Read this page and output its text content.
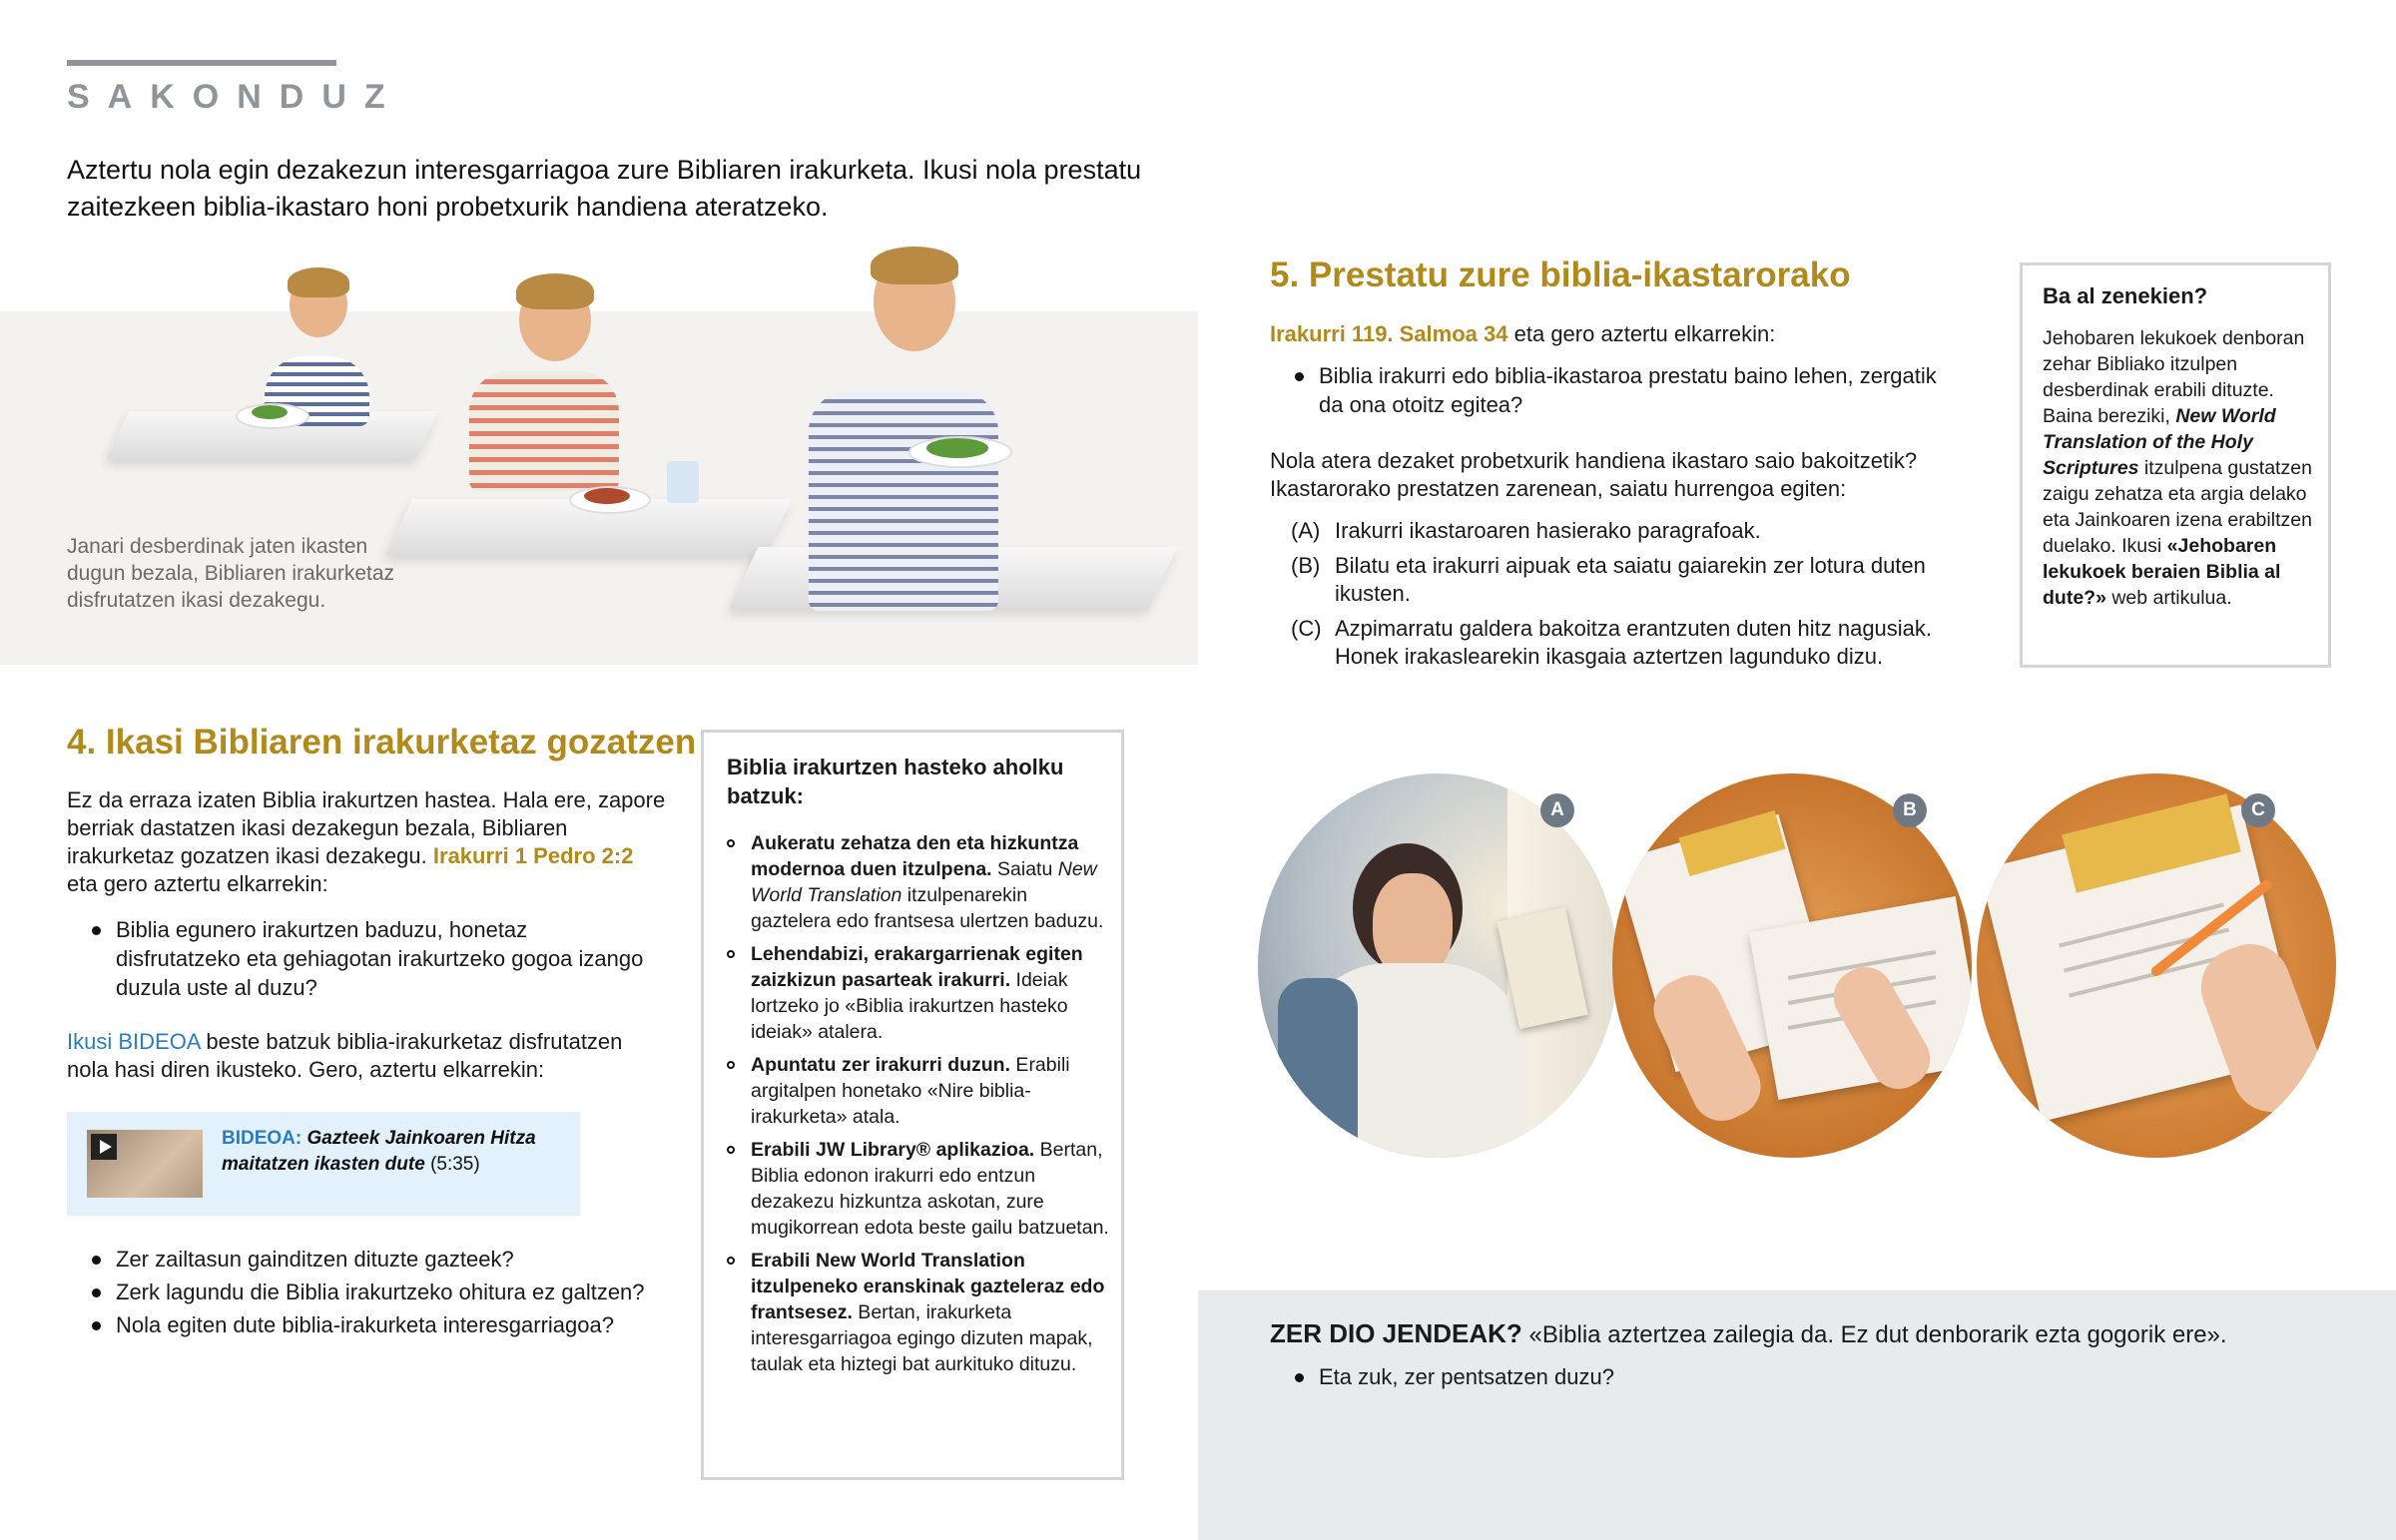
SAKONDUZ
Aztertu nola egin dezakezun interesgarriagoa zure Bibliaren irakurketa. Ikusi nola prestatu zaitezkeen biblia-ikastaro honi probetxurik handiena ateratzeko.
Janari desberdinak jaten ikasten dugun bezala, Bibliaren irakurketaz disfrutatzen ikasi dezakegu.
4. Ikasi Bibliaren irakurketaz gozatzen
Ez da erraza izaten Biblia irakurtzen hastea. Hala ere, zapore berriak dastatzen ikasi dezakegun bezala, Bibliaren irakurketaz gozatzen ikasi dezakegu. Irakurri 1 Pedro 2:2
eta gero aztertu elkarrekin:
Biblia egunero irakurtzen baduzu, honetaz disfrutatzeko eta gehiagotan irakurtzeko gogoa izango duzula uste al duzu?
Ikusi BIDEOA beste batzuk biblia-irakurketaz disfrutatzen nola hasi diren ikusteko. Gero, aztertu elkarrekin:
BIDEOA: Gazteek Jainkoaren Hitza maitatzen ikasten dute (5:35)
Zer zailtasun gainditzen dituzte gazteek?
Zerk lagundu die Biblia irakurtzeko ohitura ez galtzen?
Nola egiten dute biblia-irakurketa interesgarriagoa?
Biblia irakurtzen hasteko aholku batzuk:
Aukeratu zehatza den eta hizkuntza modernoa duen itzulpena. Saiatu New World Translation itzulpenarekin gaztelera edo frantsesa ulertzen baduzu.
Lehendabizi, erakargarrienak egiten zaizkizun pasarteak irakurri. Ideiak lortzeko jo «Biblia irakurtzen hasteko ideiak» atalera.
Apuntatu zer irakurri duzun. Erabili argitalpen honetako «Nire biblia-irakurketa» atala.
Erabili JW Library® aplikazioa. Bertan, Biblia edonon irakurri edo entzun dezakezu hizkuntza askotan, zure mugikorrean edota beste gailu batzuetan.
Erabili New World Translation itzulpeneko eranskinak gazteleraz edo frantsesez. Bertan, irakurketa interesgarriagoa egingo dizuten mapak, taulak eta hiztegi bat aurkituko dituzu.
5. Prestatu zure biblia-ikastarorako
Irakurri 119. Salmoa 34 eta gero aztertu elkarrekin:
Biblia irakurri edo biblia-ikastaroa prestatu baino lehen, zergatik da ona otoitz egitea?
Nola atera dezaket probetxurik handiena ikastaro saio bakoitzetik? Ikastarorako prestatzen zarenean, saiatu hurrengoa egiten:
(A) Irakurri ikastaroaren hasierako paragrafoak.
(B) Bilatu eta irakurri aipuak eta saiatu gaiarekin zer lotura duten ikusten.
(C) Azpimarratu galdera bakoitza erantzuten duten hitz nagusiak. Honek irakaslearekin ikasgaia aztertzen lagunduko dizu.
Ba al zenekien?
Jehobaren lekukoek denboran zehar Bibliako itzulpen desberdinak erabili dituzte. Baina bereziki, New World Translation of the Holy Scriptures itzulpena gustatzen zaigu zehatza eta argia delako eta Jainkoaren izena erabiltzen duelako. Ikusi «Jehobaren lekukoek beraien Biblia al dute?» web artikulua.
A	B	C
ZER DIO JENDEAK? «Biblia aztertzea zailegia da. Ez dut denborarik ezta gogorik ere».
Eta zuk, zer pentsatzen duzu?
